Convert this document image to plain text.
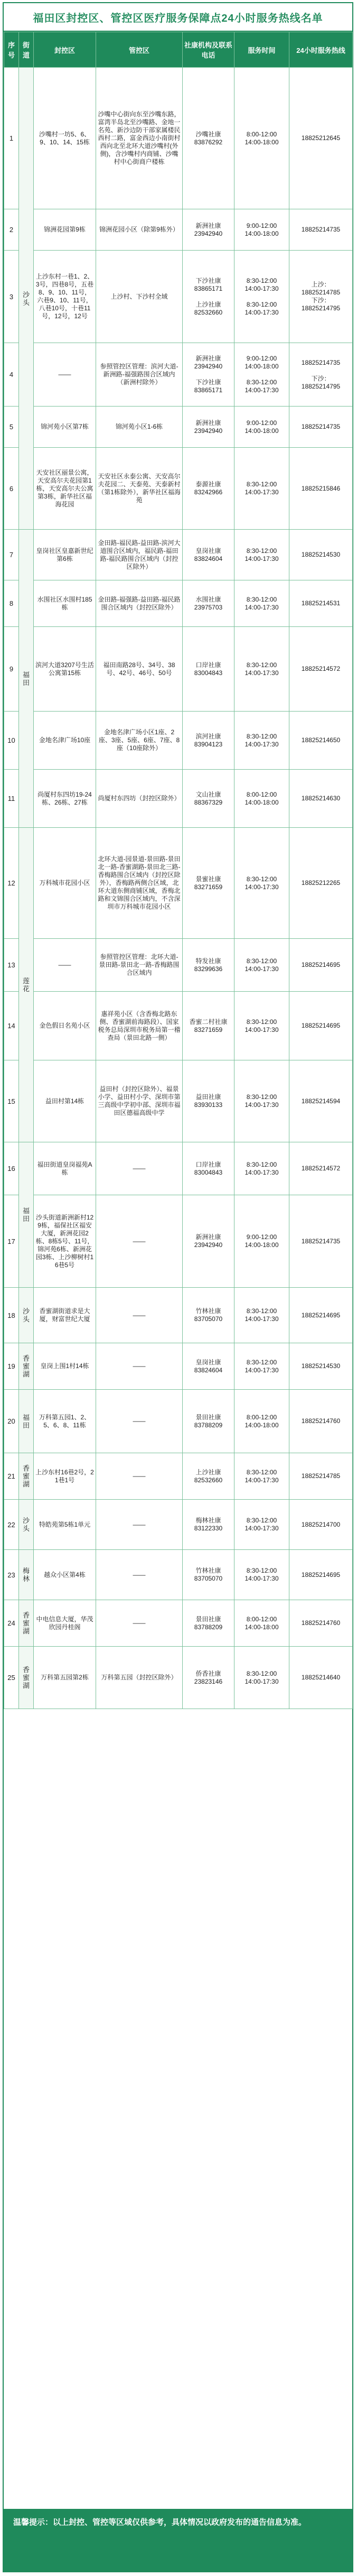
福田区封控区、管控区医疗服务保障点24小时服务热线名单
序号	街道	封控区	管控区	社康机构及联系电话	服务时间	24小时服务热线
1	沙头	沙嘴村一坊5、6、9、10、14、15栋	沙嘴中心街向东至沙嘴东路，富湾半岛北至沙嘴路、金地一名苑、新沙边防干部家属楼民西村二路，富金西边小南街村西向北至北环大道沙嘴村(外侧)，含沙嘴村内商铺、沙嘴村中心街商户楼栋	沙嘴社康
83876292	8:00-12:00
14:00-18:00	18825212645
2		锦洲花园第9栋	锦洲花园小区（除第9栋外）	新洲社康
23942940	9:00-12:00
14:00-18:00	18825214735
3		上沙东村一巷1、2、3号，四巷8号，五巷8、9、10、11号，六巷9、10、11号，八巷10号，十巷11号，12号，12号	上沙村、下沙村全域	下沙社康
83865171

上沙社康
82532660	8:30-12:00
14:00-17:30

8:30-12:00
14:00-17:30	上沙：
18825214785
下沙：
18825214795
4		——	参照管控区管理：滨河大道-新洲路-福强路围合区域内（新洲村除外）	新洲社康
23942940

下沙社康
83865171	9:00-12:00
14:00-18:00

8:30-12:00
14:00-17:30	18825214735

下沙：
18825214795
5		锦河苑小区第7栋	锦河苑小区1-6栋	新洲社康
23942940	9:00-12:00
14:00-18:00	18825214735
6		天安社区丽景公寓，天安高尔夫花园第1栋，天安高尔夫公寓第3栋，新华社区福海花园	天安社区永泰公寓、天安高尔夫花园二、天泰苑、天泰新村（第1栋除外），新华社区福海苑	泰源社康
83242966	8:30-12:00
14:00-17:30	18825215846
7	福田	皇岗社区皇嘉新世纪第6栋	金田路-福民路-益田路-滨河大道围合区域内，福民路-福田路-福民路围合区域内（封控区除外）	皇岗社康
83824604	8:30-12:00
14:00-17:30	18825214530
8		水围社区水围村185栋	金田路-福强路-益田路-福民路围合区域内（封控区除外）	水围社康
23975703	8:30-12:00
14:00-17:30	18825214531
9		滨河大道3207号生活公寓第15栋	福田南路28号、34号、38号、42号、46号、50号	口岸社康
83004843	8:30-12:00
14:00-17:30	18825214572
10		金地名津广场10座	金地名津广场小区1座、2座、3座、5座、6座、7座、8座（10座除外）	滨河社康
83904123	8:30-12:00
14:00-17:30	18825214650
11		尚厦村东四坊19-24栋、26栋、27栋	尚厦村东四坊（封控区除外）	文山社康
88367329	8:00-12:00
14:00-18:00	18825214630
12	莲花	万科城市花园小区	北环大道-园景道-景田路-景田北一路-香蜜湖路-景田北三路-香梅路围合区域内（封控区除外），香梅路两侧合区域，北环大道东侧商铺区域，香梅北路和文锦围合区域内，不含深圳市万科城市花园小区	景蜜社康
83271659	8:30-12:00
14:00-17:30	18825212265
13		——	参照管控区管理：北环大道-景田路-景田北一路-香梅路围合区域内	特发社康
83299636	8:30-12:00
14:00-17:30	18825214695
14		金色假日名苑小区	惠祥苑小区（含香梅北路东侧、香蜜湖前海路段）、国家税务总局深圳市税务局第一稽查局（景田北路一侧）	香蜜二村社康
83271659	8:30-12:00
14:00-17:30	18825214695
15		益田村第14栋	益田村（封控区除外）、福景小学、益田村小学、深圳市第三高级中学初中部、深圳市福田区德福高级中学	益田社康
83930133	8:30-12:00
14:00-17:30	18825214594
16	福田	福田街道皇岗福苑A栋	——	口岸社康
83004843	8:30-12:00
14:00-17:30	18825214572
17		沙头街道新洲新村129栋，福保社区福安大厦，新洲花园2栋、8栋5号、11号，锦河苑6栋、新洲花园3栋、上沙柳树村16巷5号	——	新洲社康
23942940	9:00-12:00
14:00-18:00	18825214735
18	沙头	香蜜湖街道求是大厦，财富世纪大厦	——	竹林社康
83705070	8:30-12:00
14:00-17:30	18825214695
19	香蜜湖	皇岗上围1村14栋	——	皇岗社康
83824604	8:30-12:00
14:00-17:30	18825214530
20	福田	万科第五园1、2、5、6、8、11栋	——	景田社康
83788209	8:00-12:00
14:00-18:00	18825214760
21	香蜜湖	上沙东村16巷2号，21巷1号	——	上沙社康
82532660	8:30-12:00
14:00-17:30	18825214785
22	沙头	特皓苑第5栋1单元	——	梅林社康
83122330	8:30-12:00
14:00-17:30	18825214700
23	梅林	越众小区第4栋	——	竹林社康
83705070	8:30-12:00
14:00-17:30	18825214695
24	香蜜湖	中电信息大厦，华茂欣园丹桂阁	——	景田社康
83788209	8:00-12:00
14:00-18:00	18825214760
25	香蜜湖	万科第五园第2栋	万科第五园（封控区除外）	侨香社康
23823146	8:30-12:00
14:00-17:30	18825214640
温馨提示：以上封控、管控等区域仅供参考，具体情况以政府发布的通告信息为准。
